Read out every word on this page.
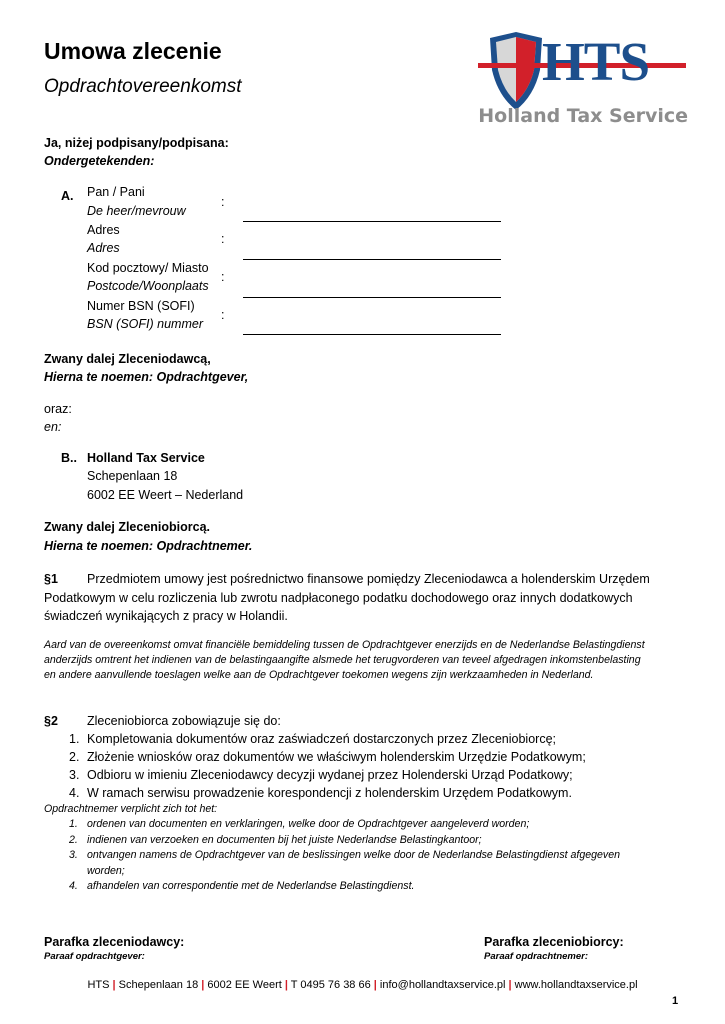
Umowa zlecenie
Opdrachtovereenkomst	HTS
Holland Tax Service
Ja, niżej podpisany/podpisana:
Ondergetekenden:
A. Pan / Pani
De heer/mevrouw
:
Adres
Adres
:
Kod pocztowy/ Miasto
Postcode/Woonplaats
:
Numer BSN (SOFI)
BSN (SOFI) nummer
:
Zwany dalej Zleceniodawcą,
Hierna te noemen: Opdrachtgever,
oraz:
en:
B.. Holland Tax Service
Schepenlaan 18
6002 EE Weert – Nederland
Zwany dalej Zleceniobiorcą.
Hierna te noemen: Opdrachtnemer.
§1 Przedmiotem umowy jest pośrednictwo finansowe pomiędzy Zleceniodawca a holenderskim Urzędem
Podatkowym w celu rozliczenia lub zwrotu nadpłaconego podatku dochodowego oraz innych dodatkowych
świadczeń wynikających z pracy w Holandii.
Aard van de overeenkomst omvat financiële bemiddeling tussen de Opdrachtgever enerzijds en de Nederlandse Belastingdienst
anderzijds omtrent het indienen van de belastingaangifte alsmede het terugvorderen van teveel afgedragen inkomstenbelasting
en andere aanvullende toeslagen welke aan de Opdrachtgever toekomen wegens zijn werkzaamheden in Nederland.
§2 Zleceniobiorca zobowiązuje się do:
1. Kompletowania dokumentów oraz zaświadczeń dostarczonych przez Zleceniobiorcę;
2. Złożenie wniosków oraz dokumentów we właściwym holenderskim Urzędzie Podatkowym;
3. Odbioru w imieniu Zleceniodawcy decyzji wydanej przez Holenderski Urząd Podatkowy;
4. W ramach serwisu prowadzenie korespondencji z holenderskim Urzędem Podatkowym.
Opdrachtnemer verplicht zich tot het:
1. ordenen van documenten en verklaringen, welke door de Opdrachtgever aangeleverd worden;
2. indienen van verzoeken en documenten bij het juiste Nederlandse Belastingkantoor;
3. ontvangen namens de Opdrachtgever van de beslissingen welke door de Nederlandse Belastingdienst afgegeven
worden;
4. afhandelen van correspondentie met de Nederlandse Belastingdienst.
Parafka zleceniodawcy:
Paraaf opdrachtgever:
Parafka zleceniobiorcy:
Paraaf opdrachtnemer:
HTS | Schepenlaan 18 | 6002 EE Weert | T 0495 76 38 66 | info@hollandtaxservice.pl | www.hollandtaxservice.pl
1
